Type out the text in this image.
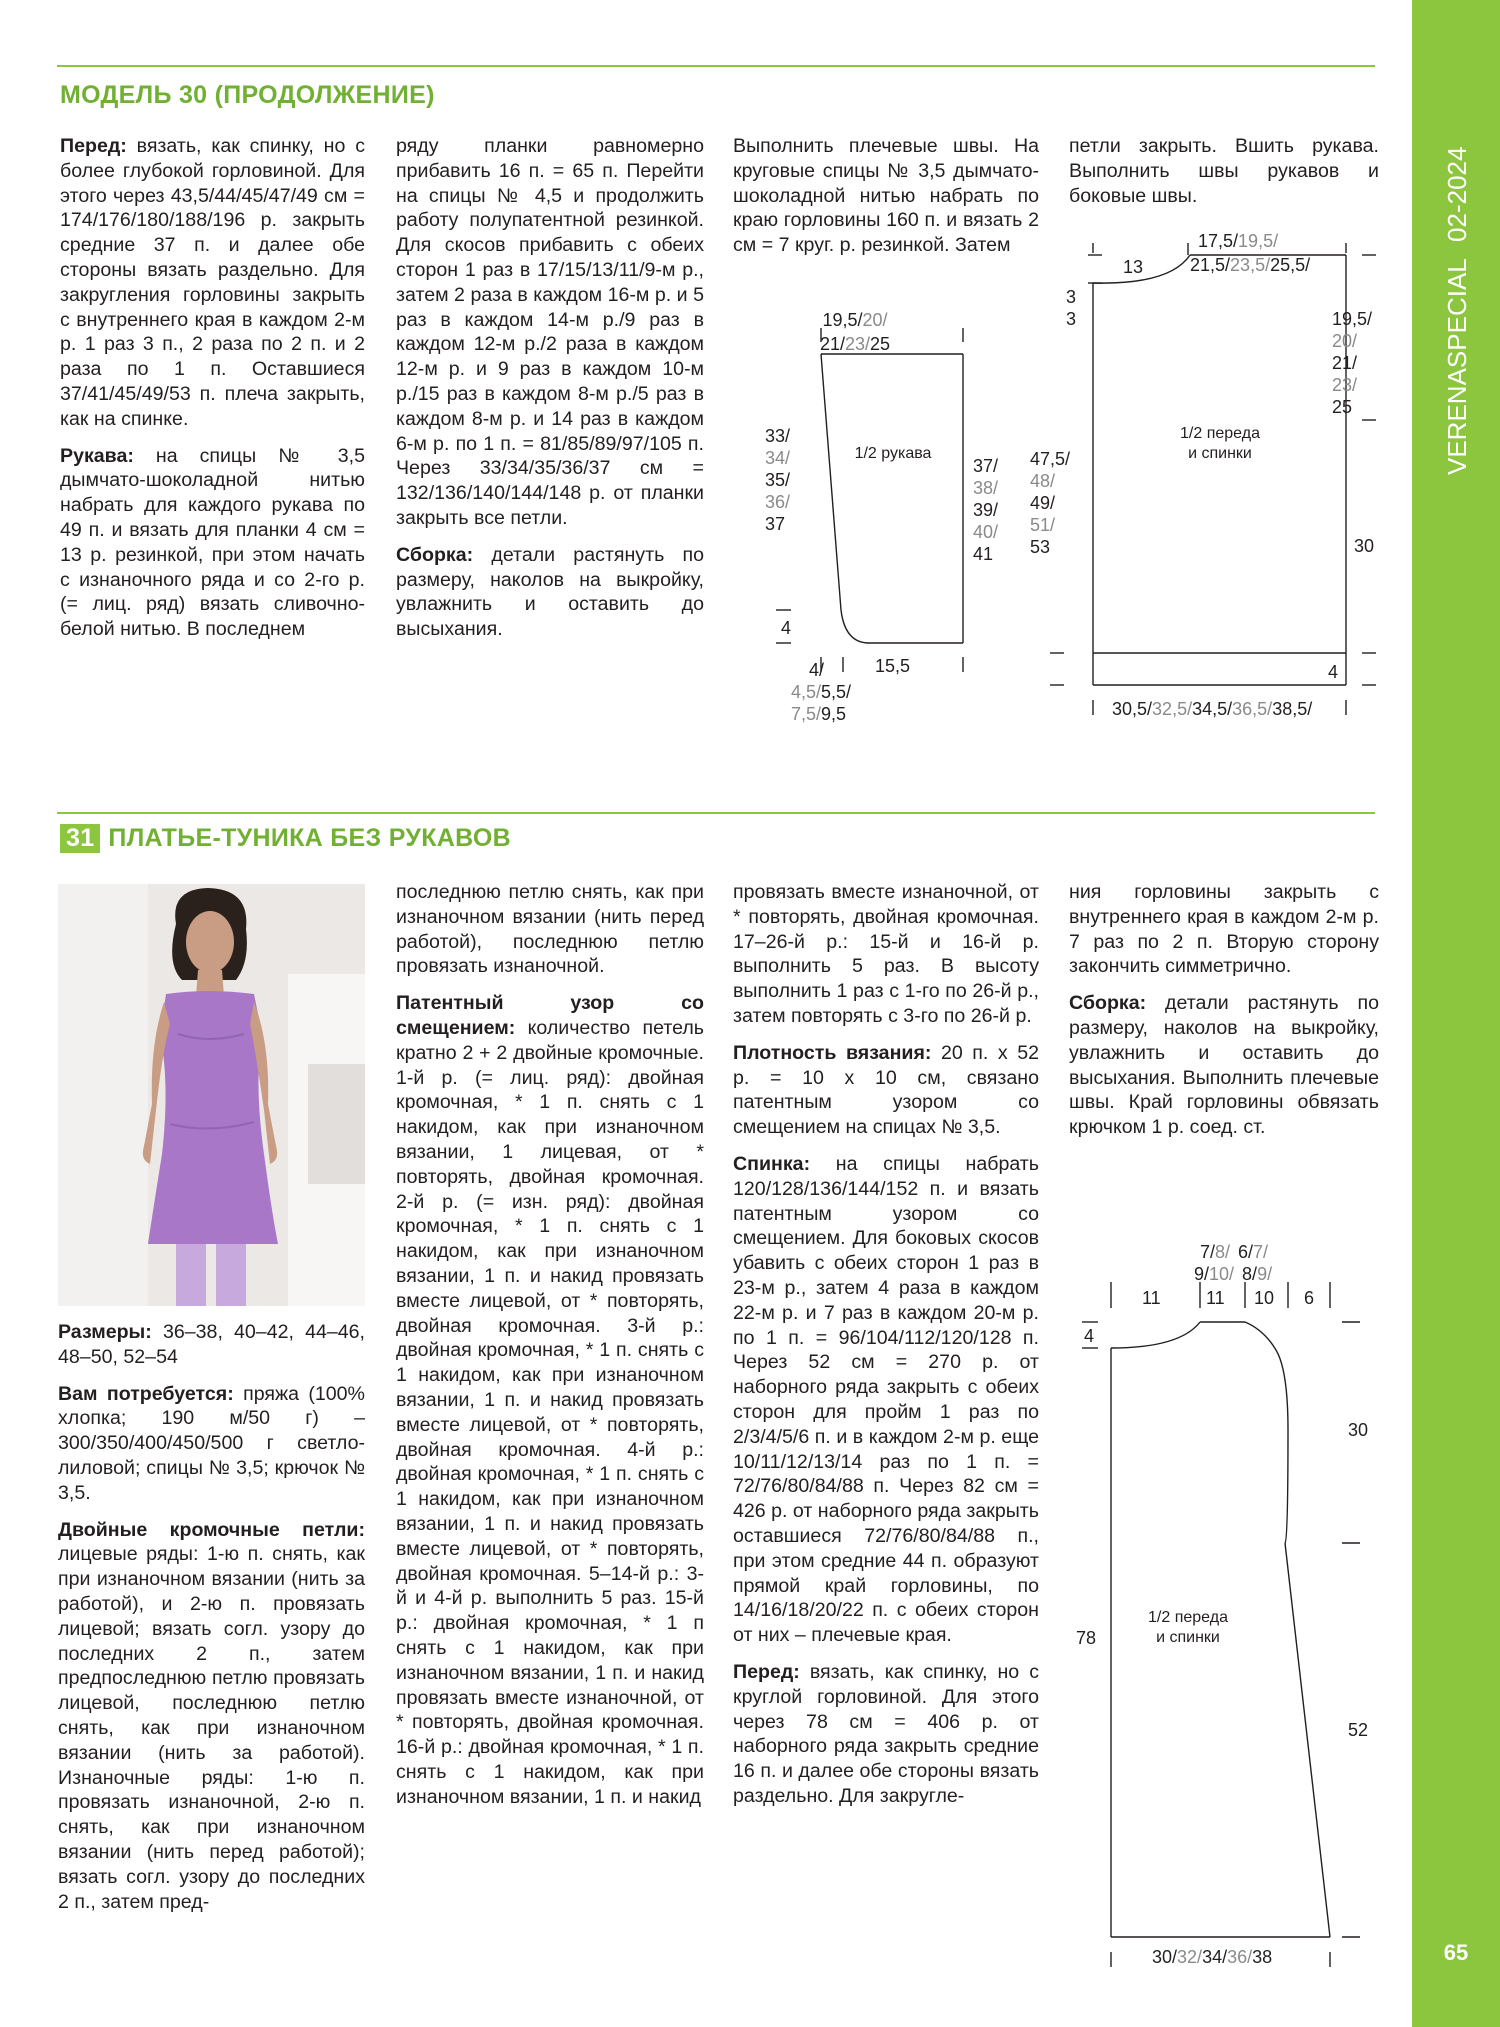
VERENASPECIAL 02-2024
65
МОДЕЛЬ 30 (ПРОДОЛЖЕНИЕ)

Перед: вязать, как спинку, но с более глубокой горловиной. Для этого через 43,5/44/45/47/49 см = 174/176/180/188/196 р. закрыть средние 37 п. и далее обе стороны вязать раздельно. Для закругления горловины закрыть с внутреннего края в каждом 2-м р. 1 раз 3 п., 2 раза по 2 п. и 2 раза по 1 п. Оставшиеся 37/41/45/49/53 п. плеча закрыть, как на спинке.

Рукава: на спицы № 3,5 дымчато-шоколадной нитью набрать для каждого рукава по 49 п. и вязать для планки 4 см = 13 р. резинкой, при этом начать с изнаночного ряда и со 2-го р. (= лиц. ряд) вязать сливочно-белой нитью. В последнем

ряду планки равномерно прибавить 16 п. = 65 п. Перейти на спицы № 4,5 и продолжить работу полупатентной резинкой. Для скосов прибавить с обеих сторон 1 раз в 17/15/13/11/9-м р., затем 2 раза в каждом 16-м р. и 5 раз в каждом 14-м р./9 раз в каждом 12-м р./2 раза в каждом 12-м р. и 9 раз в каждом 10-м р./15 раз в каждом 8-м р./5 раз в каждом 8-м р. и 14 раз в каждом 6-м р. по 1 п. = 81/85/89/97/105 п. Через 33/34/35/36/37 см = 132/136/140/144/148 р. от планки закрыть все петли.

Сборка: детали растянуть по размеру, наколов на выкройку, увлажнить и оставить до высыхания.

Выполнить плечевые швы. На круговые спицы № 3,5 дымчато-шоколадной нитью набрать по краю горловины 160 п. и вязать 2 см = 7 круг. р. резинкой. Затем

петли закрыть. Вшить рукава. Выполнить швы рукавов и боковые швы.

19,5/20/
21/23/25
1/2 рукава
33/
34/
35/
36/
37
37/
38/
39/
40/
41
4
4/	15,5
4,5/5,5/
7,5/9,5
13
17,5/19,5/
21,5/23,5/25,5/
3
3
1/2 переда
и спинки
47,5/
48/
49/
51/
53
19,5/
20/
21/
23/
25
30
4
30,5/32,5/34,5/36,5/38,5/
31 ПЛАТЬЕ-ТУНИКА БЕЗ РУКАВОВ

Размеры: 36–38, 40–42, 44–46, 48–50, 52–54

Вам потребуется: пряжа (100% хлопка; 190 м/50 г) – 300/350/400/450/500 г светло-лиловой; спицы № 3,5; крючок № 3,5.

Двойные кромочные петли: лицевые ряды: 1-ю п. снять, как при изнаночном вязании (нить за работой), и 2-ю п. провязать лицевой; вязать согл. узору до последних 2 п., затем предпоследнюю петлю провязать лицевой, последнюю петлю снять, как при изнаночном вязании (нить за работой). Изнаночные ряды: 1-ю п. провязать изнаночной, 2-ю п. снять, как при изнаночном вязании (нить перед работой); вязать согл. узору до последних 2 п., затем пред-

последнюю петлю снять, как при изнаночном вязании (нить перед работой), последнюю петлю провязать изнаночной.

Патентный узор со смещением: количество петель кратно 2 + 2 двойные кромочные. 1-й р. (= лиц. ряд): двойная кромочная, * 1 п. снять с 1 накидом, как при изнаночном вязании, 1 лицевая, от * повторять, двойная кромочная. 2-й р. (= изн. ряд): двойная кромочная, * 1 п. снять с 1 накидом, как при изнаночном вязании, 1 п. и накид провязать вместе лицевой, от * повторять, двойная кромочная. 3-й р.: двойная кромочная, * 1 п. снять с 1 накидом, как при изнаночном вязании, 1 п. и накид провязать вместе лицевой, от * повторять, двойная кромочная. 4-й р.: двойная кромочная, * 1 п. снять с 1 накидом, как при изнаночном вязании, 1 п. и накид провязать вместе лицевой, от * повторять, двойная кромочная. 5–14-й р.: 3-й и 4-й р. выполнить 5 раз. 15-й р.: двойная кромочная, * 1 п снять с 1 накидом, как при изнаночном вязании, 1 п. и накид провязать вместе изнаночной, от * повторять, двойная кромочная. 16-й р.: двойная кромочная, * 1 п. снять с 1 накидом, как при изнаночном вязании, 1 п. и накид

провязать вместе изнаночной, от * повторять, двойная кромочная. 17–26-й р.: 15-й и 16-й р. выполнить 5 раз. В высоту выполнить 1 раз с 1-го по 26-й р., затем повторять с 3-го по 26-й р.

Плотность вязания: 20 п. х 52 р. = 10 х 10 см, связано патентным узором со смещением на спицах № 3,5.

Спинка: на спицы набрать 120/128/136/144/152 п. и вязать патентным узором со смещением. Для боковых скосов убавить с обеих сторон 1 раз в 23-м р., затем 4 раза в каждом 22-м р. и 7 раз в каждом 20-м р. по 1 п. = 96/104/112/120/128 п. Через 52 см = 270 р. от наборного ряда закрыть с обеих сторон для пройм 1 раз по 2/3/4/5/6 п. и в каждом 2-м р. еще 10/11/12/13/14 раз по 1 п. = 72/76/80/84/88 п. Через 82 см = 426 р. от наборного ряда закрыть оставшиеся 72/76/80/84/88 п., при этом средние 44 п. образуют прямой край горловины, по 14/16/18/20/22 п. с обеих сторон от них – плечевые края.

Перед: вязать, как спинку, но с круглой горловиной. Для этого через 78 см = 406 р. от наборного ряда закрыть средние 16 п. и далее обе стороны вязать раздельно. Для закругле-

ния горловины закрыть с внутреннего края в каждом 2-м р. 7 раз по 2 п. Вторую сторону закончить симметрично.

Сборка: детали растянуть по размеру, наколов на выкройку, увлажнить и оставить до высыхания. Выполнить плечевые швы. Край горловины обвязать крючком 1 р. соед. ст.

7/8/ 6/7/
9/10/ 8/9/
11	11 10 6
4
30
52
78
1/2 переда
и спинки
30/32/34/36/38
